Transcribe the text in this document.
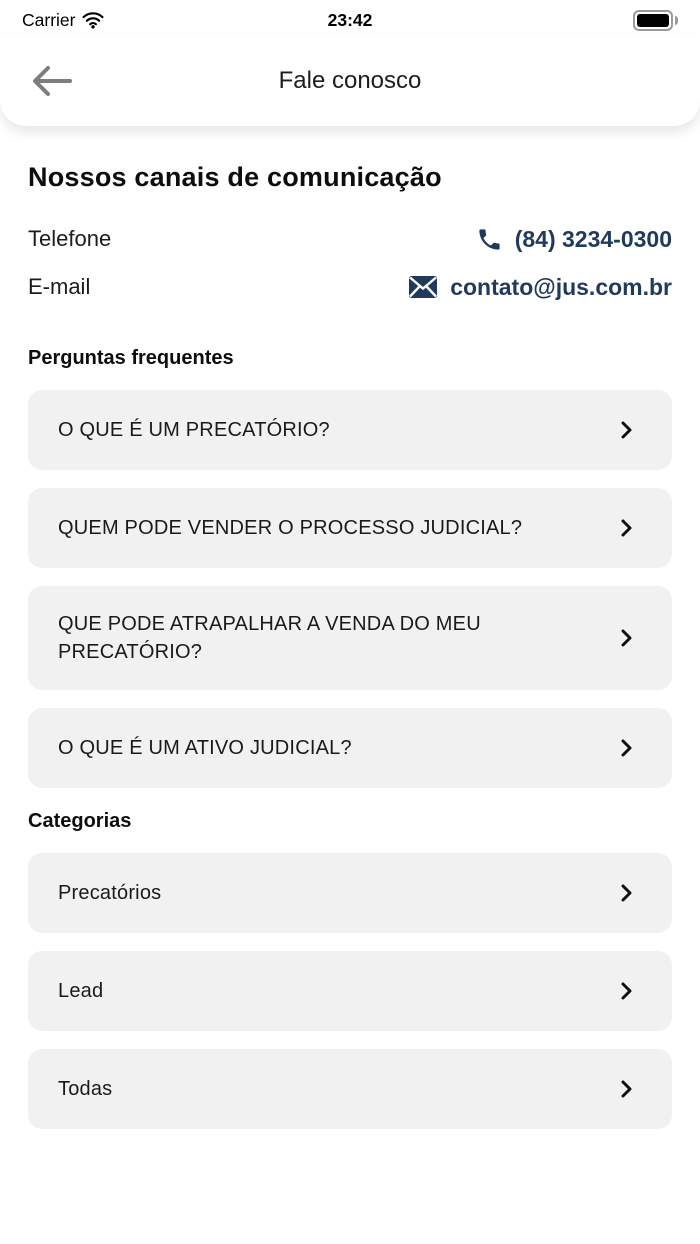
Carrier	23:42
Fale conosco
Nossos canais de comunicação
Telefone	(84) 3234-0300
E-mail	contato@jus.com.br
Perguntas frequentes
O QUE É UM PRECATÓRIO?
QUEM PODE VENDER O PROCESSO JUDICIAL?
QUE PODE ATRAPALHAR A VENDA DO MEU PRECATÓRIO?
O QUE É UM ATIVO JUDICIAL?
Categorias
Precatórios
Lead
Todas
